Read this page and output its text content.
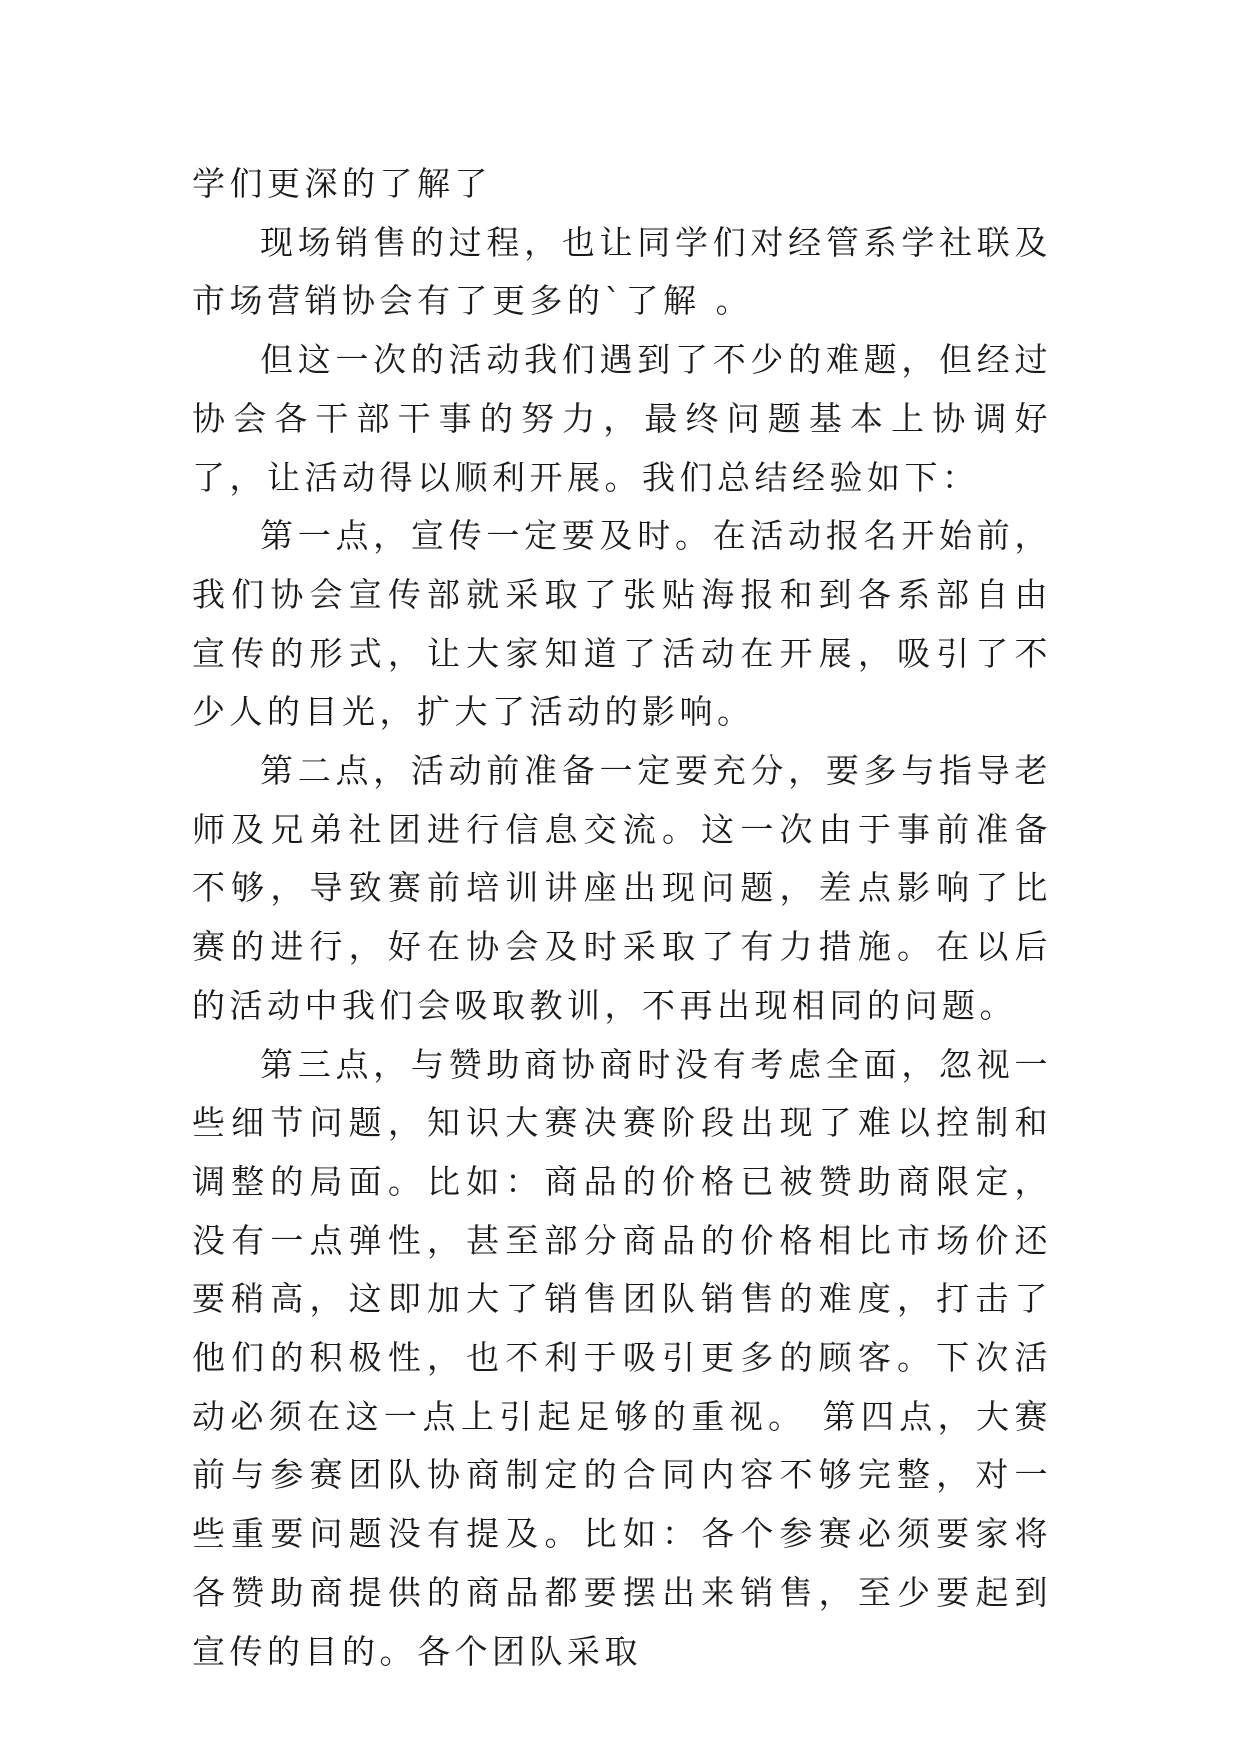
学们更深的了解了

现场销售的过程，也让同学们对经管系学社联及市场营销协会有了更多的`了解 。

但这一次的活动我们遇到了不少的难题，但经过协会各干部干事的努力，最终问题基本上协调好了，让活动得以顺利开展。我们总结经验如下：

第一点，宣传一定要及时。在活动报名开始前，我们协会宣传部就采取了张贴海报和到各系部自由宣传的形式，让大家知道了活动在开展，吸引了不少人的目光，扩大了活动的影响。

第二点，活动前准备一定要充分，要多与指导老师及兄弟社团进行信息交流。这一次由于事前准备不够，导致赛前培训讲座出现问题，差点影响了比赛的进行，好在协会及时采取了有力措施。在以后的活动中我们会吸取教训，不再出现相同的问题。

第三点，与赞助商协商时没有考虑全面，忽视一些细节问题，知识大赛决赛阶段出现了难以控制和调整的局面。比如：商品的价格已被赞助商限定，没有一点弹性，甚至部分商品的价格相比市场价还要稍高，这即加大了销售团队销售的难度，打击了他们的积极性，也不利于吸引更多的顾客。下次活动必须在这一点上引起足够的重视。 第四点，大赛前与参赛团队协商制定的合同内容不够完整，对一些重要问题没有提及。比如：各个参赛必须要家将各赞助商提供的商品都要摆出来销售，至少要起到宣传的目的。各个团队采取
